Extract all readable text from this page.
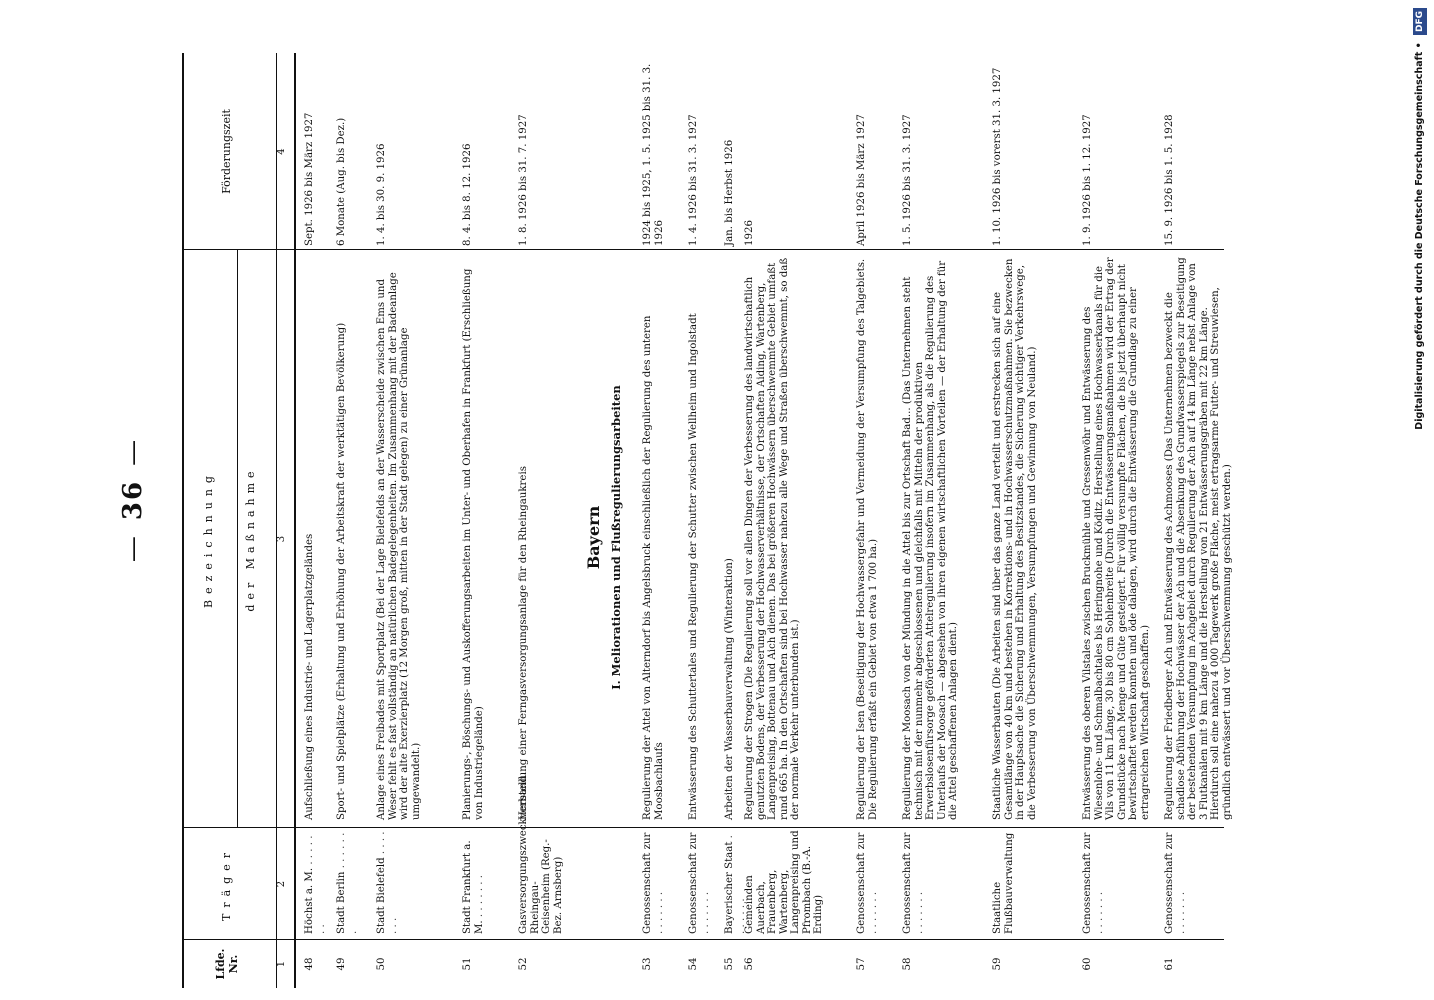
—36—
Lfde. Nr.
Träger
Bezeichnung	der Maßnahme
Förderungszeit
1
2
3
4
48
Höchst a. M. . . .
Aufschließung eines Industrie- und Lagerplatzgeländes
Sept. 1926 bis März 1927
49
Stadt Berlin . . .
Sport- und Spielplätze (Erhaltung und Erhöhung der Arbeitskraft der werktätigen Bevölkerung)
6 Monate (Aug. bis Dez.)
50
Stadt Bielefeld . . .
Anlage eines Freibades mit Sportplatz (Bei der Lage Bielefelds an der Wasserscheide zwischen Ems und Weser fehlt es fast vollständig an natürlichen Badegelegenheiten. Im Zusammenhang mit der Badeanlage wird der alte Exerzierplatz (12 Morgen groß, mitten in der Stadt gelegen) zu einer Grünanlage umgewandelt.)
1. 4. bis 30. 9. 1926
51
Stadt Frankfurt a. M. . . .
Planierungs-, Böschungs- und Auskofferungsarbeiten im Unter- und Oberhafen in Frankfurt (Erschließung von Industriegelände)
8. 4. bis 8. 12. 1926
52
Gasversorgungszweckverband Rheingau-Geisenheim (Reg.-Bez. Arnsberg)
Herstellung einer Ferngasversorgungsanlage für den Rheingaukreis
1. 8. 1926 bis 31. 7. 1927
Bayern I. Meliorationen und Flußregulierungsarbeiten
53
Genossenschaft zur . . .
Regulierung der Attel von Alterndorf bis Angelsbruck einschließlich der Regulierung des unteren Moosbachlaufs
1924 bis 1925, 1. 5. 1925 bis 31. 3. 1926
54
Genossenschaft zur . . .
Entwässerung des Schuttertales und Regulierung der Schutter zwischen Wellheim und Ingolstadt
1. 4. 1926 bis 31. 3. 1927
55
Bayerischer Staat . . .
Arbeiten der Wasserbauverwaltung (Winteraktion)
Jan. bis Herbst 1926
56
Gemeinden Auerbach, Frauenberg, Wartenberg, Langenpreising und Pfrombach (B.-A. Erding)
Regulierung der Strogen (Die Regulierung soll vor allen Dingen der Verbesserung des landwirtschaftlich genutzten Bodens, der Verbesserung der Hochwasserverhältnisse, der Ortschaften Aiding, Wartenberg, Langenpreising, Bottenau und Aich dienen. Das bei größeren Hochwässern überschwemmte Gebiet umfaßt rund 665 ha. In den Ortschaften sind bei Hochwasser nahezu alle Wege und Straßen überschwemmt, so daß der normale Verkehr unterbunden ist.)
1926
57
Genossenschaft zur . . .
Regulierung der Isen (Beseitigung der Hochwassergefahr und Vermeidung der Versumpfung des Talgebiets. Die Regulierung erfaßt ein Gebiet von etwa 1 700 ha.)
April 1926 bis März 1927
58
Genossenschaft zur . . .
Regulierung der Moosach von der Mündung in die Attel bis zur Ortschaft Bad... (Das Unternehmen steht technisch mit der nunmehr abgeschlossenen und gleichfalls mit Mitteln der produktiven Erwerbslosenfürsorge geförderten Attelregulierung insofern im Zusammenhang, als die Regulierung des Unterlaufs der Moosach — abgesehen von ihren eigenen wirtschaftlichen Vorteilen — der Erhaltung der für die Attel geschaffenen Anlagen dient.)
1. 5. 1926 bis 31. 3. 1927
59
Staatliche Flußbauverwaltung
Staatliche Wasserbauten (Die Arbeiten sind über das ganze Land verteilt und erstrecken sich auf eine Gesamtlänge von 40 km und bestehen in Korrektions- und in Hochwasserschutzmaßnahmen. Sie bezwecken in der Hauptsache die Sicherung und Erhaltung des Besitzstandes, die Sicherung wichtiger Verkehrswege, die Verbesserung von Überschwemmungen, Versumpfungen und Gewinnung von Neuland.)
1. 10. 1926 bis vorerst 31. 3. 1927
60
Genossenschaft zur . . .
Entwässerung des oberen Vilstales zwischen Bruckmühle und Gressenwöhr und Entwässerung des Wiesenlohe- und Schmalbachtales bis Heringnohe und Köditz. Herstellung eines Hochwasserkanals für die Vils von 11 km Länge, 30 bis 80 cm Sohlenbreite (Durch die Entwässerungsmaßnahmen wird der Ertrag der Grundstücke nach Menge und Güte gesteigert. Für völlig versumpfte Flächen, die bis jetzt überhaupt nicht bewirtschaftet werden konnten und öde dalagen, wird durch die Entwässerung die Grundlage zu einer ertragreichen Wirtschaft geschaffen.)
1. 9. 1926 bis 1. 12. 1927
61
Genossenschaft zur . . .
Regulierung der Friedberger Ach und Entwässerung des Achmooses (Das Unternehmen bezweckt die schadlose Abführung der Hochwässer der Ach und die Absenkung des Grundwasserspiegels zur Beseitigung der bestehenden Versumpfung im Achgebiet durch Regulierung der Ach auf 14 km Länge nebst Anlage von 3 Flutkanälen mit 9 km Länge und die Herstellung von 21 Entwässerungsgräben mit 22 km Länge. Hierdurch soll eine nahezu 4 000 Tagewerk große Fläche, meist ertragsarme Futter- und Streuwiesen, gründlich entwässert und vor Überschwemmung geschützt werden.)
15. 9. 1926 bis 1. 5. 1928	Digitalisierung gefördert durch die Deutsche Forschungsgemeinschaft • DFG
